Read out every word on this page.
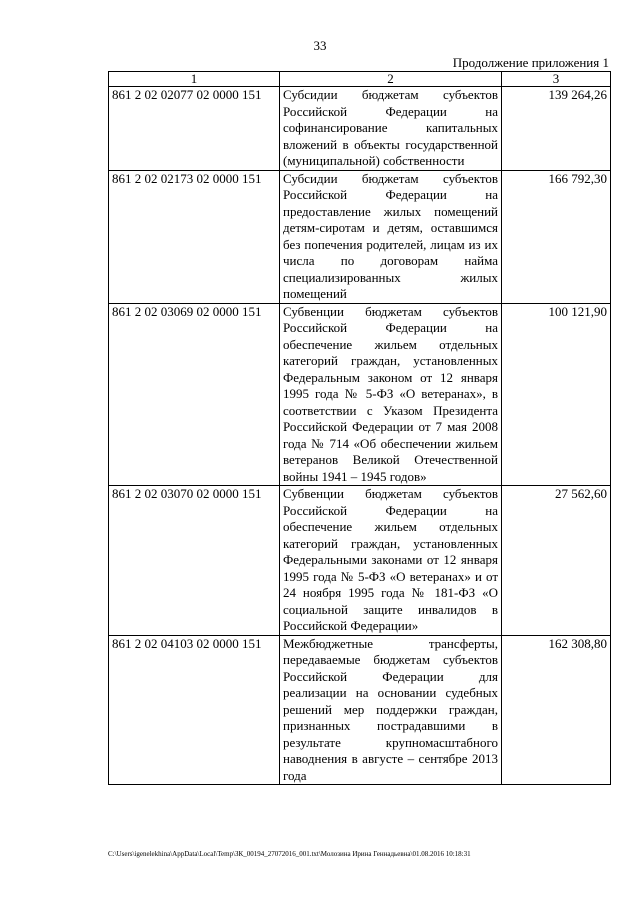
33
Продолжение приложения 1
1	2	3
861 2 02 02077 02 0000 151	Субсидии бюджетам субъектов Российской Федерации на софинансирование капитальных вложений в объекты государственной (муниципальной) собственности	139 264,26
861 2 02 02173 02 0000 151	Субсидии бюджетам субъектов Российской Федерации на предоставление жилых помещений детям-сиротам и детям, оставшимся без попечения родителей, лицам из их числа по договорам найма специализированных жилых помещений	166 792,30
861 2 02 03069 02 0000 151	Субвенции бюджетам субъектов Российской Федерации на обеспечение жильем отдельных категорий граждан, установленных Федеральным законом от 12 января 1995 года № 5-ФЗ «О ветеранах», в соответствии с Указом Президента Российской Федерации от 7 мая 2008 года № 714 «Об обеспечении жильем ветеранов Великой Отечественной войны 1941 – 1945 годов»	100 121,90
861 2 02 03070 02 0000 151	Субвенции бюджетам субъектов Российской Федерации на обеспечение жильем отдельных категорий граждан, установленных Федеральными законами от 12 января 1995 года № 5-ФЗ «О ветеранах» и от 24 ноября 1995 года № 181-ФЗ «О социальной защите инвалидов в Российской Федерации»	27 562,60
861 2 02 04103 02 0000 151	Межбюджетные трансферты, передаваемые бюджетам субъектов Российской Федерации для реализации на основании судебных решений мер поддержки граждан, признанных пострадавшими в результате крупномасштабного наводнения в августе – сентябре 2013 года	162 308,80
C:\Users\igenelekhina\AppData\Local\Temp\ЗК_00194_27072016_001.txt\Молозина Ирина Геннадьевна\01.08.2016 10:18:31
